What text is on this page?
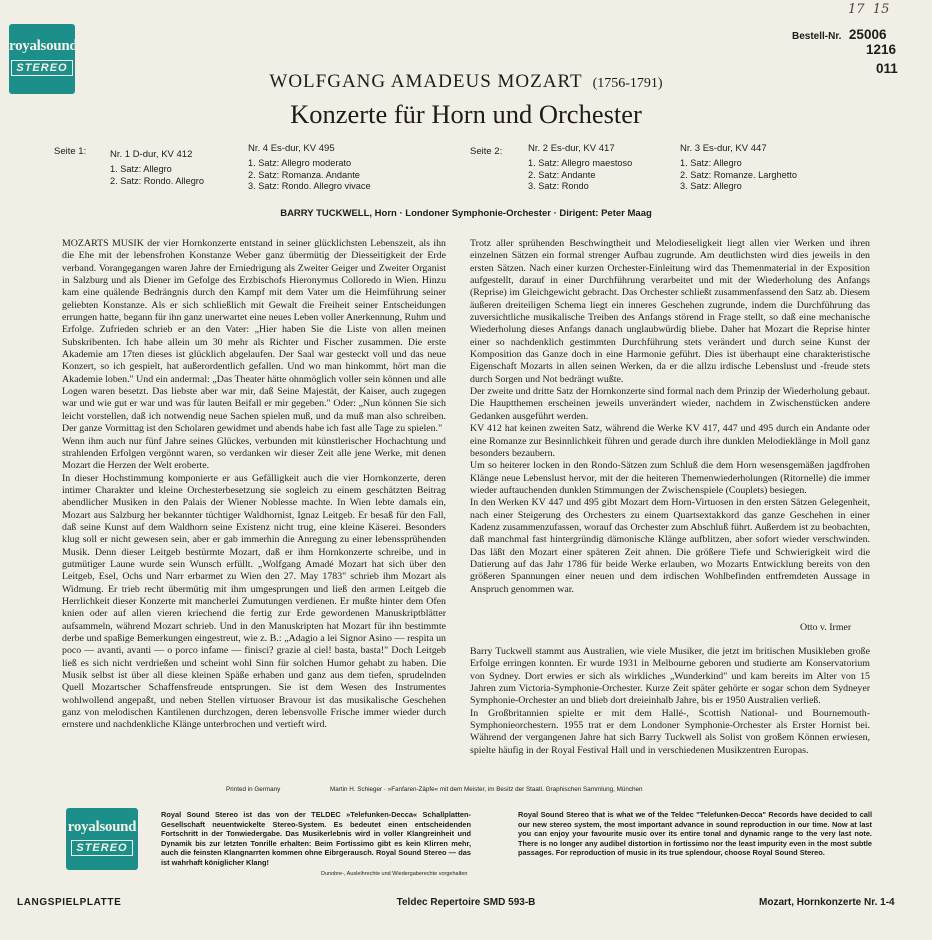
royalsound
STEREO
17  15
Bestell-Nr. 25006
1216
011
WOLFGANG AMADEUS MOZART (1756-1791)
Konzerte für Horn und Orchester
Seite 1:	Seite 2:
Nr. 1 D-dur, KV 412
1. Satz: Allegro
2. Satz: Rondo. Allegro
Nr. 4 Es-dur, KV 495
1. Satz: Allegro moderato
2. Satz: Romanza. Andante
3. Satz: Rondo. Allegro vivace
Nr. 2 Es-dur, KV 417
1. Satz: Allegro maestoso
2. Satz: Andante
3. Satz: Rondo
Nr. 3 Es-dur, KV 447
1. Satz: Allegro
2. Satz: Romanze. Larghetto
3. Satz: Allegro
BARRY TUCKWELL, Horn · Londoner Symphonie-Orchester · Dirigent: Peter Maag

MOZARTS MUSIK der vier Hornkonzerte entstand in seiner glücklichsten Lebenszeit, als ihn die Ehe mit der lebensfrohen Konstanze Weber ganz übermütig der Diesseitigkeit der Erde verband. Vorangegangen waren Jahre der Erniedrigung als Zweiter Geiger und Zweiter Organist in Salzburg und als Diener im Gefolge des Erzbischofs Hieronymus Colloredo in Wien. Hinzu kam eine quälende Bedrängnis durch den Kampf mit dem Vater um die Heimführung seiner geliebten Konstanze. Als er sich schließlich mit Gewalt die Freiheit seiner Entscheidungen errungen hatte, begann für ihn ganz unerwartet eine neues Leben voller Anerkennung, Ruhm und Erfolge. Zufrieden schrieb er an den Vater: „Hier haben Sie die Liste von allen meinen Subskribenten. Ich habe allein um 30 mehr als Richter und Fischer zusammen. Die erste Akademie am 17ten dieses ist glücklich abgelaufen. Der Saal war gesteckt voll und das neue Konzert, so ich gespielt, hat außerordentlich gefallen. Und wo man hinkommt, hört man die Akademie loben." Und ein andermal: „Das Theater hätte ohnmöglich voller sein können und alle Logen waren besetzt. Das liebste aber war mir, daß Seine Majestät, der Kaiser, auch zugegen war und wie gut er war und was für lauten Beifall er mir gegeben." Oder: „Nun können Sie sich leicht vorstellen, daß ich notwendig neue Sachen spielen muß, und da muß man also schreiben. Der ganze Vormittag ist den Scholaren gewidmet und abends habe ich fast alle Tage zu spielen."

Wenn ihm auch nur fünf Jahre seines Glückes, verbunden mit künstlerischer Hochachtung und strahlenden Erfolgen vergönnt waren, so verdanken wir dieser Zeit alle jene Werke, mit denen Mozart die Herzen der Welt eroberte.

In dieser Hochstimmung komponierte er aus Gefälligkeit auch die vier Hornkonzerte, deren intimer Charakter und kleine Orchesterbesetzung sie sogleich zu einem geschätzten Beitrag abendlicher Musiken in den Palais der Wiener Noblesse machte. In Wien lebte damals ein, Mozart aus Salzburg her bekannter tüchtiger Waldhornist, Ignaz Leitgeb. Er besaß für den Fall, daß seine Kunst auf dem Waldhorn seine Existenz nicht trug, eine kleine Käserei. Besonders klug soll er nicht gewesen sein, aber er gab immerhin die Anregung zu einer lebenssprühenden Musik. Denn dieser Leitgeb bestürmte Mozart, daß er ihm Hornkonzerte schreibe, und in gutmütiger Laune wurde sein Wunsch erfüllt. „Wolfgang Amadé Mozart hat sich über den Leitgeb, Esel, Ochs und Narr erbarmet zu Wien den 27. May 1783" schrieb ihm Mozart als Widmung. Er trieb recht übermütig mit ihm umgesprungen und ließ den armen Leitgeb die Herrlichkeit dieser Konzerte mit mancherlei Zumutungen verdienen. Er mußte hinter dem Ofen knien oder auf allen vieren kriechend die fertig zur Erde gewordenen Manuskriptblätter aufsammeln, während Mozart schrieb. Und in den Manuskripten hat Mozart für ihn bestimmte derbe und spaßige Bemerkungen eingestreut, wie z. B.: „Adagio a lei Signor Asino — respita un poco — avanti, avanti — o porco infame — finisci? grazie al ciel! basta, basta!" Doch Leitgeb ließ es sich nicht verdrießen und scheint wohl Sinn für solchen Humor gehabt zu haben. Die Musik selbst ist über all diese kleinen Späße erhaben und ganz aus dem tiefen, sprudelnden Quell Mozartscher Schaffensfreude entsprungen. Sie ist dem Wesen des Instrumentes wohlwollend angepaßt, und neben Stellen virtuoser Bravour ist das musikalische Geschehen ganz von melodischen Kantilenen durchzogen, deren lebensvolle Frische immer wieder durch ernstere und nachdenkliche Klänge unterbrochen und vertieft wird.

Trotz aller sprühenden Beschwingtheit und Melodieseligkeit liegt allen vier Werken und ihren einzelnen Sätzen ein formal strenger Aufbau zugrunde. Am deutlichsten wird dies jeweils in den ersten Sätzen. Nach einer kurzen Orchester-Einleitung wird das Themenmaterial in der Exposition aufgestellt, darauf in einer Durchführung verarbeitet und mit der Wiederholung des Anfangs (Reprise) im Gleichgewicht gebracht. Das Orchester schließt zusammenfassend den Satz ab. Diesem äußeren dreiteiligen Schema liegt ein inneres Geschehen zugrunde, indem die Durchführung das zuversichtliche musikalische Treiben des Anfangs störend in Frage stellt, so daß eine mechanische Wiederholung dieses Anfangs danach unglaubwürdig bliebe. Daher hat Mozart die Reprise hinter einer so nachdenklich gestimmten Durchführung stets verändert und durch seine Kunst der Komposition das Ganze doch in eine Harmonie geführt. Dies ist überhaupt eine charakteristische Eigenschaft Mozarts in allen seinen Werken, da er die allzu irdische Lebenslust und -freude stets durch Sorgen und Not bedrängt wußte.

Der zweite und dritte Satz der Hornkonzerte sind formal nach dem Prinzip der Wiederholung gebaut. Die Hauptthemen erscheinen jeweils unverändert wieder, nachdem in Zwischenstücken andere Gedanken ausgeführt werden.

KV 412 hat keinen zweiten Satz, während die Werke KV 417, 447 und 495 durch ein Andante oder eine Romanze zur Besinnlichkeit führen und gerade durch ihre dunklen Melodieklänge in Moll ganz besonders bezaubern.

Um so heiterer locken in den Rondo-Sätzen zum Schluß die dem Horn wesensgemäßen jagdfrohen Klänge neue Lebenslust hervor, mit der die heiteren Themenwiederholungen (Ritornelle) die immer wieder auftauchenden dunklen Stimmungen der Zwischenspiele (Couplets) besiegen.

In den Werken KV 447 und 495 gibt Mozart dem Horn-Virtuosen in den ersten Sätzen Gelegenheit, nach einer Steigerung des Orchesters zu einem Quartsextakkord das ganze Geschehen in einer Kadenz zusammenzufassen, worauf das Orchester zum Abschluß führt. Außerdem ist zu beobachten, daß manchmal fast hintergründig dämonische Klänge aufblitzen, aber sofort wieder verschwinden. Das läßt den Mozart einer späteren Zeit ahnen. Die größere Tiefe und Schwierigkeit wird die Datierung auf das Jahr 1786 für beide Werke erlauben, wo Mozarts Entwicklung bereits von den größeren Spannungen einer neuen und dem irdischen Wohlbefinden entfremdeten Aussage in Anspruch genommen war.

Otto v. Irmer

Barry Tuckwell stammt aus Australien, wie viele Musiker, die jetzt im britischen Musikleben große Erfolge erringen konnten. Er wurde 1931 in Melbourne geboren und studierte am Konservatorium von Sydney. Dort erwies er sich als wirkliches „Wunderkind" und kam bereits im Alter von 15 Jahren zum Victoria-Symphonie-Orchester. Kurze Zeit später gehörte er sogar schon dem Sydneyer Symphonie-Orchester an und blieb dort dreieinhalb Jahre, bis er 1950 Australien verließ.

In Großbritannien spielte er mit dem Hallé-, Scottish National- und Bournemouth-Symphonieorchestern. 1955 trat er dem Londoner Symphonie-Orchester als Erster Hornist bei. Während der vergangenen Jahre hat sich Barry Tuckwell als Solist von großem Können erwiesen, spielte häufig in der Royal Festival Hall und in verschiedenen Musikzentren Europas.

Printed in Germany	Martin H. Schieger · »Fanfaren-Zäpfe« mit dem Meister, im Besitz der Staatl. Graphischen Sammlung, München
royalsound
STEREO

Royal Sound Stereo ist das von der TELDEC »Telefunken-Decca« Schallplatten-Gesellschaft neuentwickelte Stereo-System. Es bedeutet einen entscheidenden Fortschritt in der Tonwiedergabe. Das Musikerlebnis wird in voller Klangreinheit und Dynamik bis zur letzten Tonrille erhalten: Beim Fortissimo gibt es kein Klirren mehr, auch die feinsten Klangnarrten kommen ohne Eibrgerausch. Royal Sound Stereo — das ist wahrhaft königlicher Klang!

Dunobre-, Ausleihrechte und Wiedergaberechte vorgehalten

Royal Sound Stereo that is what we of the Teldec "Telefunken-Decca" Records have decided to call our new stereo system, the most important advance in sound reproduction in our time. Now at last you can enjoy your favourite music over its entire tonal and dynamic range to the very last note. There is no longer any audibel distortion in fortissimo nor the least impurity even in the most subtle passages. For reproduction of music in its true splendour, choose Royal Sound Stereo.

LANGSPIELPLATTE	Teldec Repertoire SMD 593-B	Mozart, Hornkonzerte Nr. 1-4
